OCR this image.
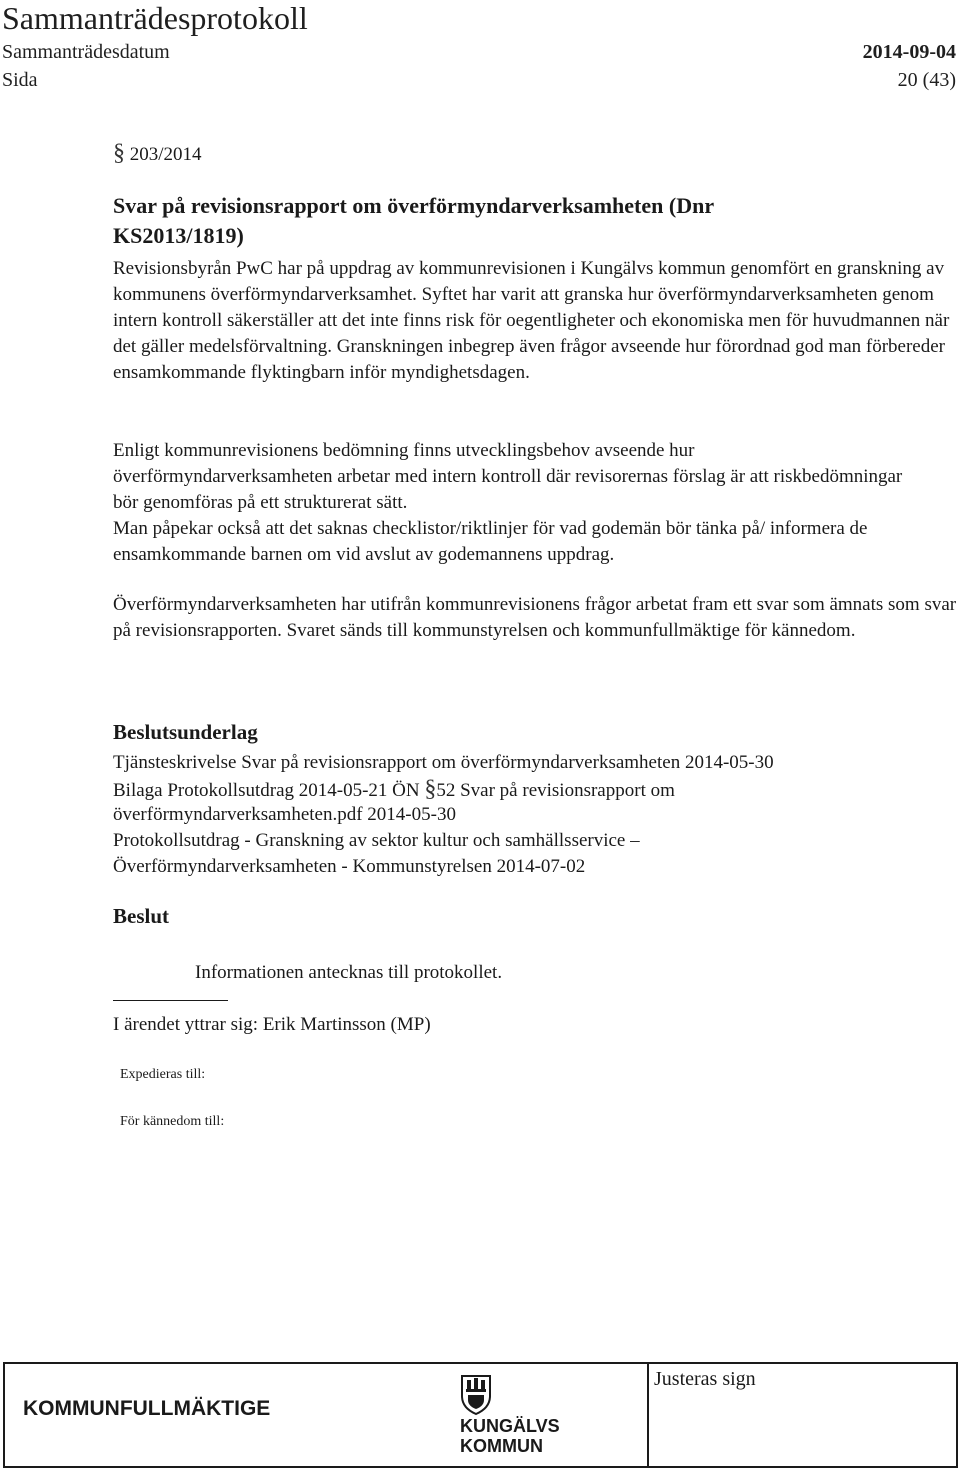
Sammanträdesprotokoll
Sammanträdesdatum	2014-09-04
Sida	20 (43)
§ 203/2014
Svar på revisionsrapport om överförmyndarverksamheten (Dnr
KS2013/1819)
Revisionsbyrån PwC har på uppdrag av kommunrevisionen i Kungälvs kommun genomfört en granskning av kommunens överförmyndarverksamhet. Syftet har varit att granska hur överförmyndarverksamheten genom intern kontroll säkerställer att det inte finns risk för oegentligheter och ekonomiska men för huvudmannen när det gäller medelsförvaltning. Granskningen inbegrep även frågor avseende hur förordnad god man förbereder ensamkommande flyktingbarn inför myndighetsdagen.
Enligt kommunrevisionens bedömning finns utvecklingsbehov avseende hur överförmyndarverksamheten arbetar med intern kontroll där revisorernas förslag är att riskbedömningar bör genomföras på ett strukturerat sätt.
Man påpekar också att det saknas checklistor/riktlinjer för vad godemän bör tänka på/ informera de ensamkommande barnen om vid avslut av godemannens uppdrag.
Överförmyndarverksamheten har utifrån kommunrevisionens frågor arbetat fram ett svar som ämnats som svar på revisionsrapporten. Svaret sänds till kommunstyrelsen och kommunfullmäktige för kännedom.
Beslutsunderlag
Tjänsteskrivelse Svar på revisionsrapport om överförmyndarverksamheten 2014-05-30
Bilaga Protokollsutdrag 2014-05-21 ÖN §52 Svar på revisionsrapport om
överförmyndarverksamheten.pdf 2014-05-30
Protokollsutdrag - Granskning av sektor kultur och samhällsservice –
Överförmyndarverksamheten - Kommunstyrelsen 2014-07-02
Beslut
Informationen antecknas till protokollet.
I ärendet yttrar sig: Erik Martinsson (MP)
Expedieras till:
För kännedom till:
KOMMUNFULLMÄKTIGE
KUNGÄLVS
KOMMUN
Justeras sign
